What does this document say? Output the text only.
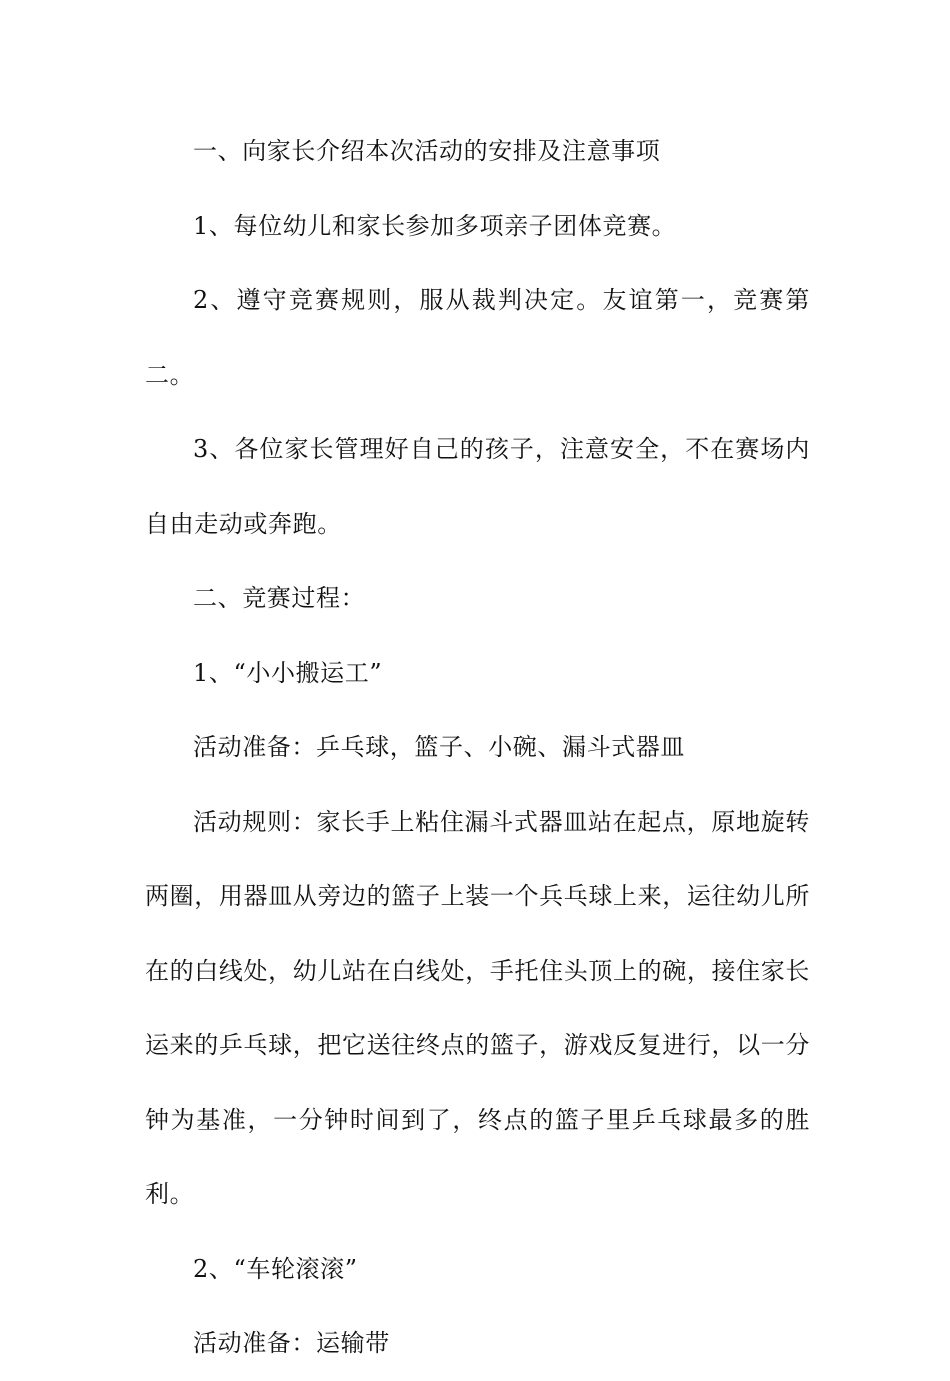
一、向家长介绍本次活动的安排及注意事项

1、每位幼儿和家长参加多项亲子团体竞赛。

2、遵守竞赛规则，服从裁判决定。友谊第一，竞赛第二。

3、各位家长管理好自己的孩子，注意安全，不在赛场内自由走动或奔跑。

二、竞赛过程：

1、“小小搬运工”

活动准备：乒乓球，篮子、小碗、漏斗式器皿

活动规则：家长手上粘住漏斗式器皿站在起点，原地旋转两圈，用器皿从旁边的篮子上装一个兵乓球上来，运往幼儿所在的白线处，幼儿站在白线处，手托住头顶上的碗，接住家长运来的乒乓球，把它送往终点的篮子，游戏反复进行，以一分钟为基准，一分钟时间到了，终点的篮子里乒乓球最多的胜利。

2、“车轮滚滚”

活动准备：运输带
